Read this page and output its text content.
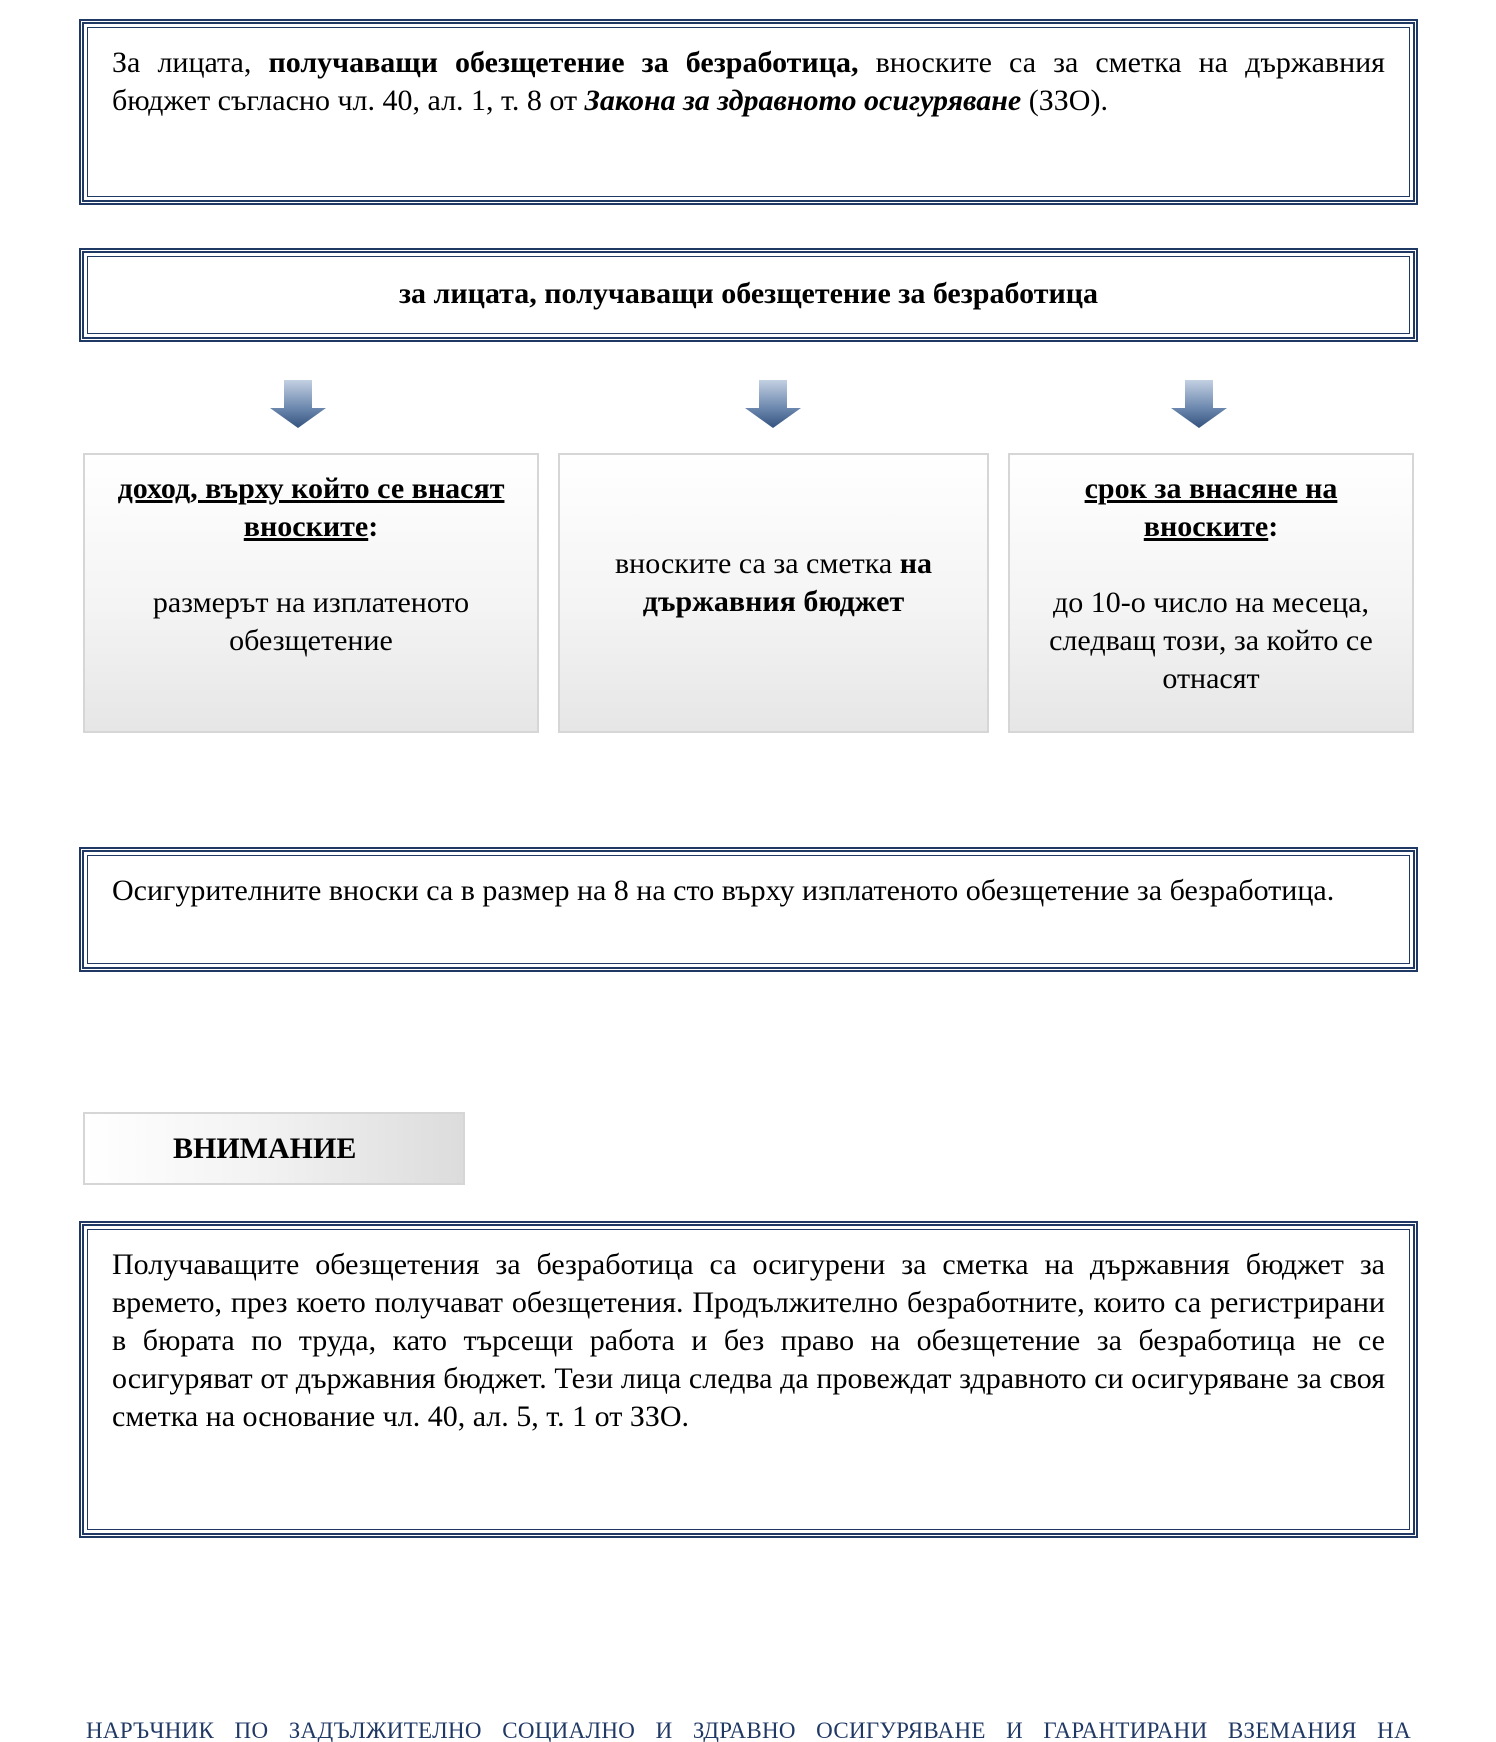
За лицата, получаващи обезщетение за безработица, вноските са за сметка на държавния бюджет съгласно чл. 40, ал. 1, т. 8 от Закона за здравното осигуряване (ЗЗО).
за лицата, получаващи обезщетение за безработица
доход, върху който се внасят вноските:
размерът на изплатеното обезщетение
вноските са за сметка на държавния бюджет
срок за внасяне на вноските:
до 10-о число на месеца, следващ този, за който се отнасят
Осигурителните вноски са в размер на 8 на сто върху изплатеното обезщетение за безработица.
ВНИМАНИЕ
Получаващите обезщетения за безработица са осигурени за сметка на държавния бюджет за времето, през което получават обезщетения. Продължително безработните, които са регистрирани в бюрата по труда, като търсещи работа и без право на обезщетение за безработица не се осигуряват от държавния бюджет. Тези лица следва да провеждат здравното си осигуряване за своя сметка на основание чл. 40, ал. 5, т. 1 от ЗЗО.
НАРЪЧНИК ПО ЗАДЪЛЖИТЕЛНО СОЦИАЛНО И ЗДРАВНО ОСИГУРЯВАНЕ И ГАРАНТИРАНИ ВЗЕМАНИЯ НА
